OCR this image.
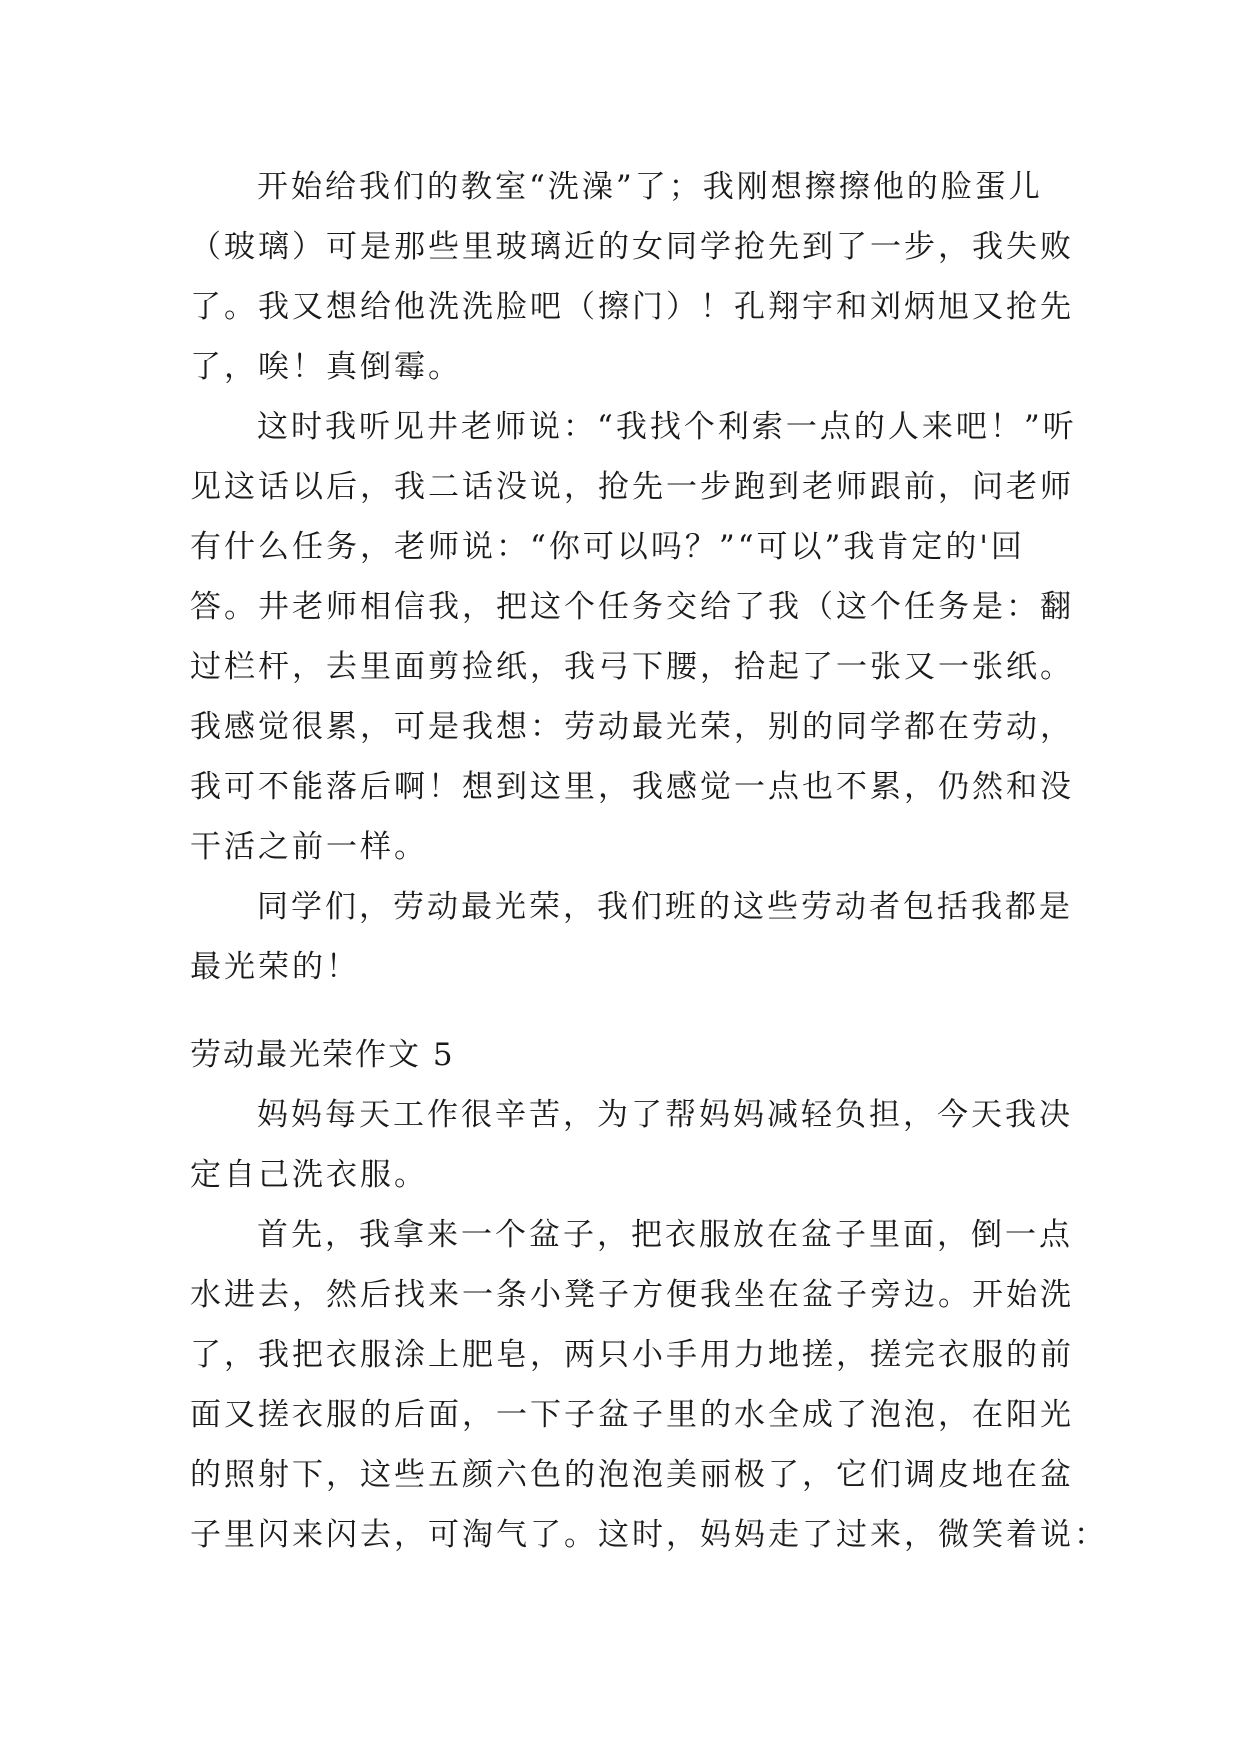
开始给我们的教室“洗澡”了；我刚想擦擦他的脸蛋儿
（玻璃）可是那些里玻璃近的女同学抢先到了一步，我失败
了。我又想给他洗洗脸吧（擦门）！孔翔宇和刘炳旭又抢先
了，唉！真倒霉。
这时我听见井老师说：“我找个利索一点的人来吧！”听
见这话以后，我二话没说，抢先一步跑到老师跟前，问老师
有什么任务，老师说：“你可以吗？”“可以”我肯定的'回
答。井老师相信我，把这个任务交给了我（这个任务是：翻
过栏杆，去里面剪捡纸，我弓下腰，拾起了一张又一张纸。
我感觉很累，可是我想：劳动最光荣，别的同学都在劳动，
我可不能落后啊！想到这里，我感觉一点也不累，仍然和没
干活之前一样。
同学们，劳动最光荣，我们班的这些劳动者包括我都是
最光荣的！
劳动最光荣作文 5
妈妈每天工作很辛苦，为了帮妈妈减轻负担，今天我决
定自己洗衣服。
首先，我拿来一个盆子，把衣服放在盆子里面，倒一点
水进去，然后找来一条小凳子方便我坐在盆子旁边。开始洗
了，我把衣服涂上肥皂，两只小手用力地搓，搓完衣服的前
面又搓衣服的后面，一下子盆子里的水全成了泡泡，在阳光
的照射下，这些五颜六色的泡泡美丽极了，它们调皮地在盆
子里闪来闪去，可淘气了。这时，妈妈走了过来，微笑着说：
